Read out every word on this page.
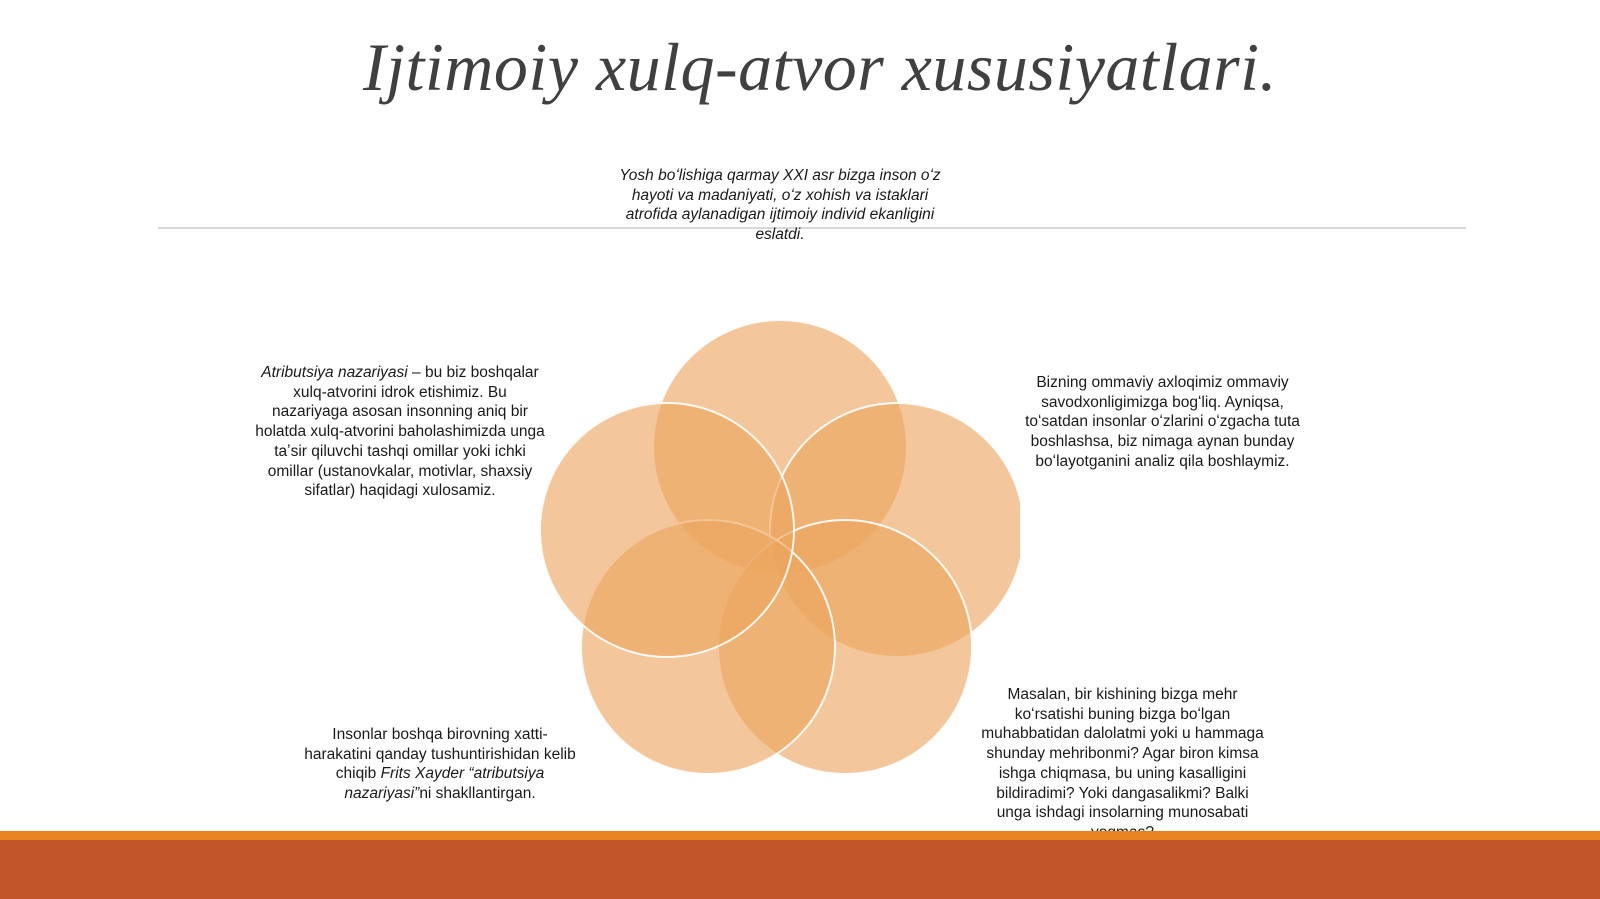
Ijtimoiy xulq-atvor xususiyatlari.
Yosh boʻlishiga qarmay XXI asr bizga inson oʻz hayoti va madaniyati, oʻz xohish va istaklari atrofida aylanadigan ijtimoiy individ ekanligini eslatdi.
Atributsiya nazariyasi – bu biz boshqalar xulq-atvorini idrok etishimiz. Bu nazariyaga asosan insonning aniq bir holatda xulq-atvorini baholashimizda unga taʼsir qiluvchi tashqi omillar yoki ichki omillar (ustanovkalar, motivlar, shaxsiy sifatlar) haqidagi xulosamiz.
Bizning ommaviy axloqimiz ommaviy savodxonligimizga bogʻliq. Ayniqsa, toʻsatdan insonlar oʻzlarini oʻzgacha tuta boshlashsa, biz nimaga aynan bunday boʻlayotganini analiz qila boshlaymiz.
Insonlar boshqa birovning xatti-harakatini qanday tushuntirishidan kelib chiqib Frits Xayder “atributsiya nazariyasi”ni shakllantirgan.
Masalan, bir kishining bizga mehr koʻrsatishi buning bizga boʻlgan muhabbatidan dalolatmi yoki u hammaga shunday mehribonmi? Agar biron kimsa ishga chiqmasa, bu uning kasalligini bildiradimi? Yoki dangasalikmi? Balki unga ishdagi insolarning munosabati
